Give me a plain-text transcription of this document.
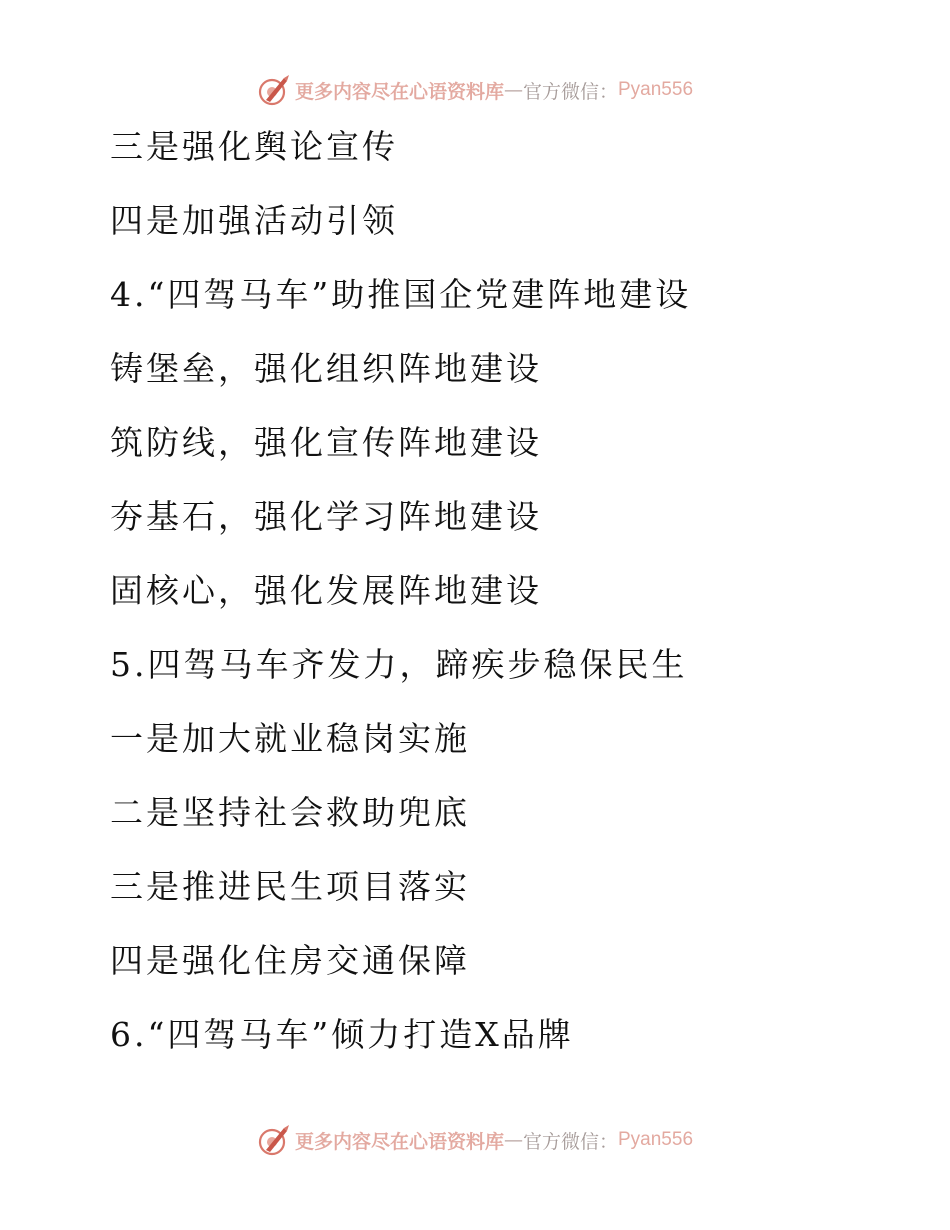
更多内容尽在心语资料库 — 官方微信： Pyan556
三是强化舆论宣传
四是加强活动引领
4.“四驾马车”助推国企党建阵地建设
铸堡垒，强化组织阵地建设
筑防线，强化宣传阵地建设
夯基石，强化学习阵地建设
固核心，强化发展阵地建设
5.四驾马车齐发力，蹄疾步稳保民生
一是加大就业稳岗实施
二是坚持社会救助兜底
三是推进民生项目落实
四是强化住房交通保障
6.“四驾马车”倾力打造X品牌
更多内容尽在心语资料库 — 官方微信： Pyan556
